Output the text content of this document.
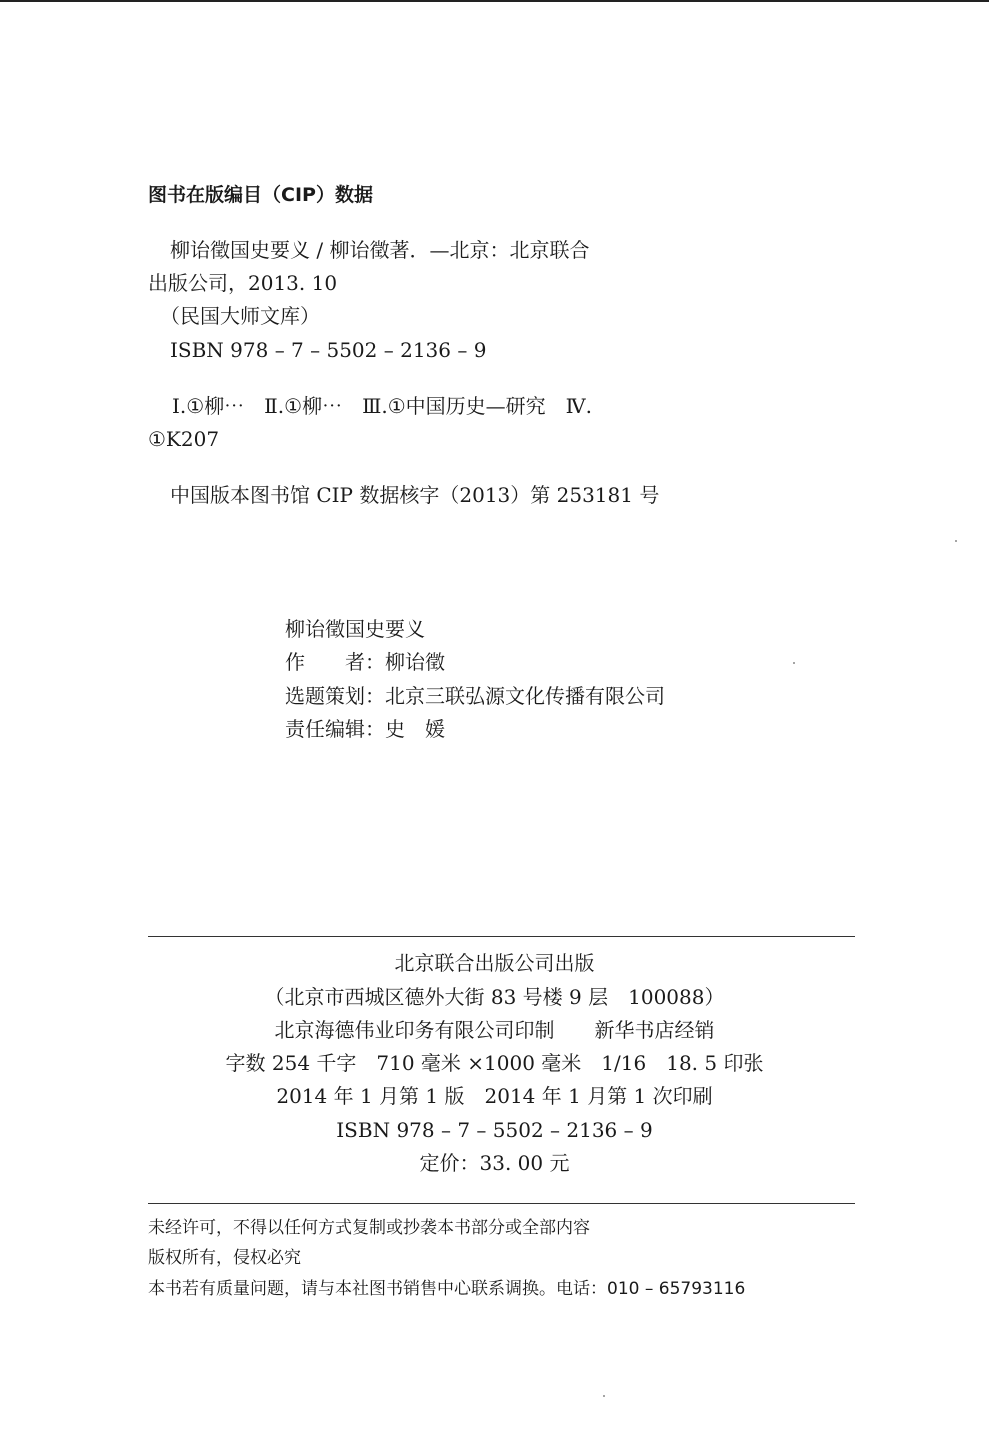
图书在版编目（CIP）数据
柳诒徵国史要义 / 柳诒徵著．—北京：北京联合
出版公司，2013. 10
（民国大师文库）
ISBN 978 – 7 – 5502 – 2136 – 9
Ⅰ.①柳⋯　Ⅱ.①柳⋯　Ⅲ.①中国历史—研究　Ⅳ.
①K207
中国版本图书馆 CIP 数据核字（2013）第 253181 号
柳诒徵国史要义
作　　者：柳诒徵
选题策划：北京三联弘源文化传播有限公司
责任编辑：史　媛
北京联合出版公司出版
（北京市西城区德外大街 83 号楼 9 层　100088）
北京海德伟业印务有限公司印制　　新华书店经销
字数 254 千字　710 毫米 ×1000 毫米　1/16　18. 5 印张
2014 年 1 月第 1 版　2014 年 1 月第 1 次印刷
ISBN 978 – 7 – 5502 – 2136 – 9
定价：33. 00 元
未经许可，不得以任何方式复制或抄袭本书部分或全部内容
版权所有，侵权必究
本书若有质量问题，请与本社图书销售中心联系调换。电话：010 – 65793116
